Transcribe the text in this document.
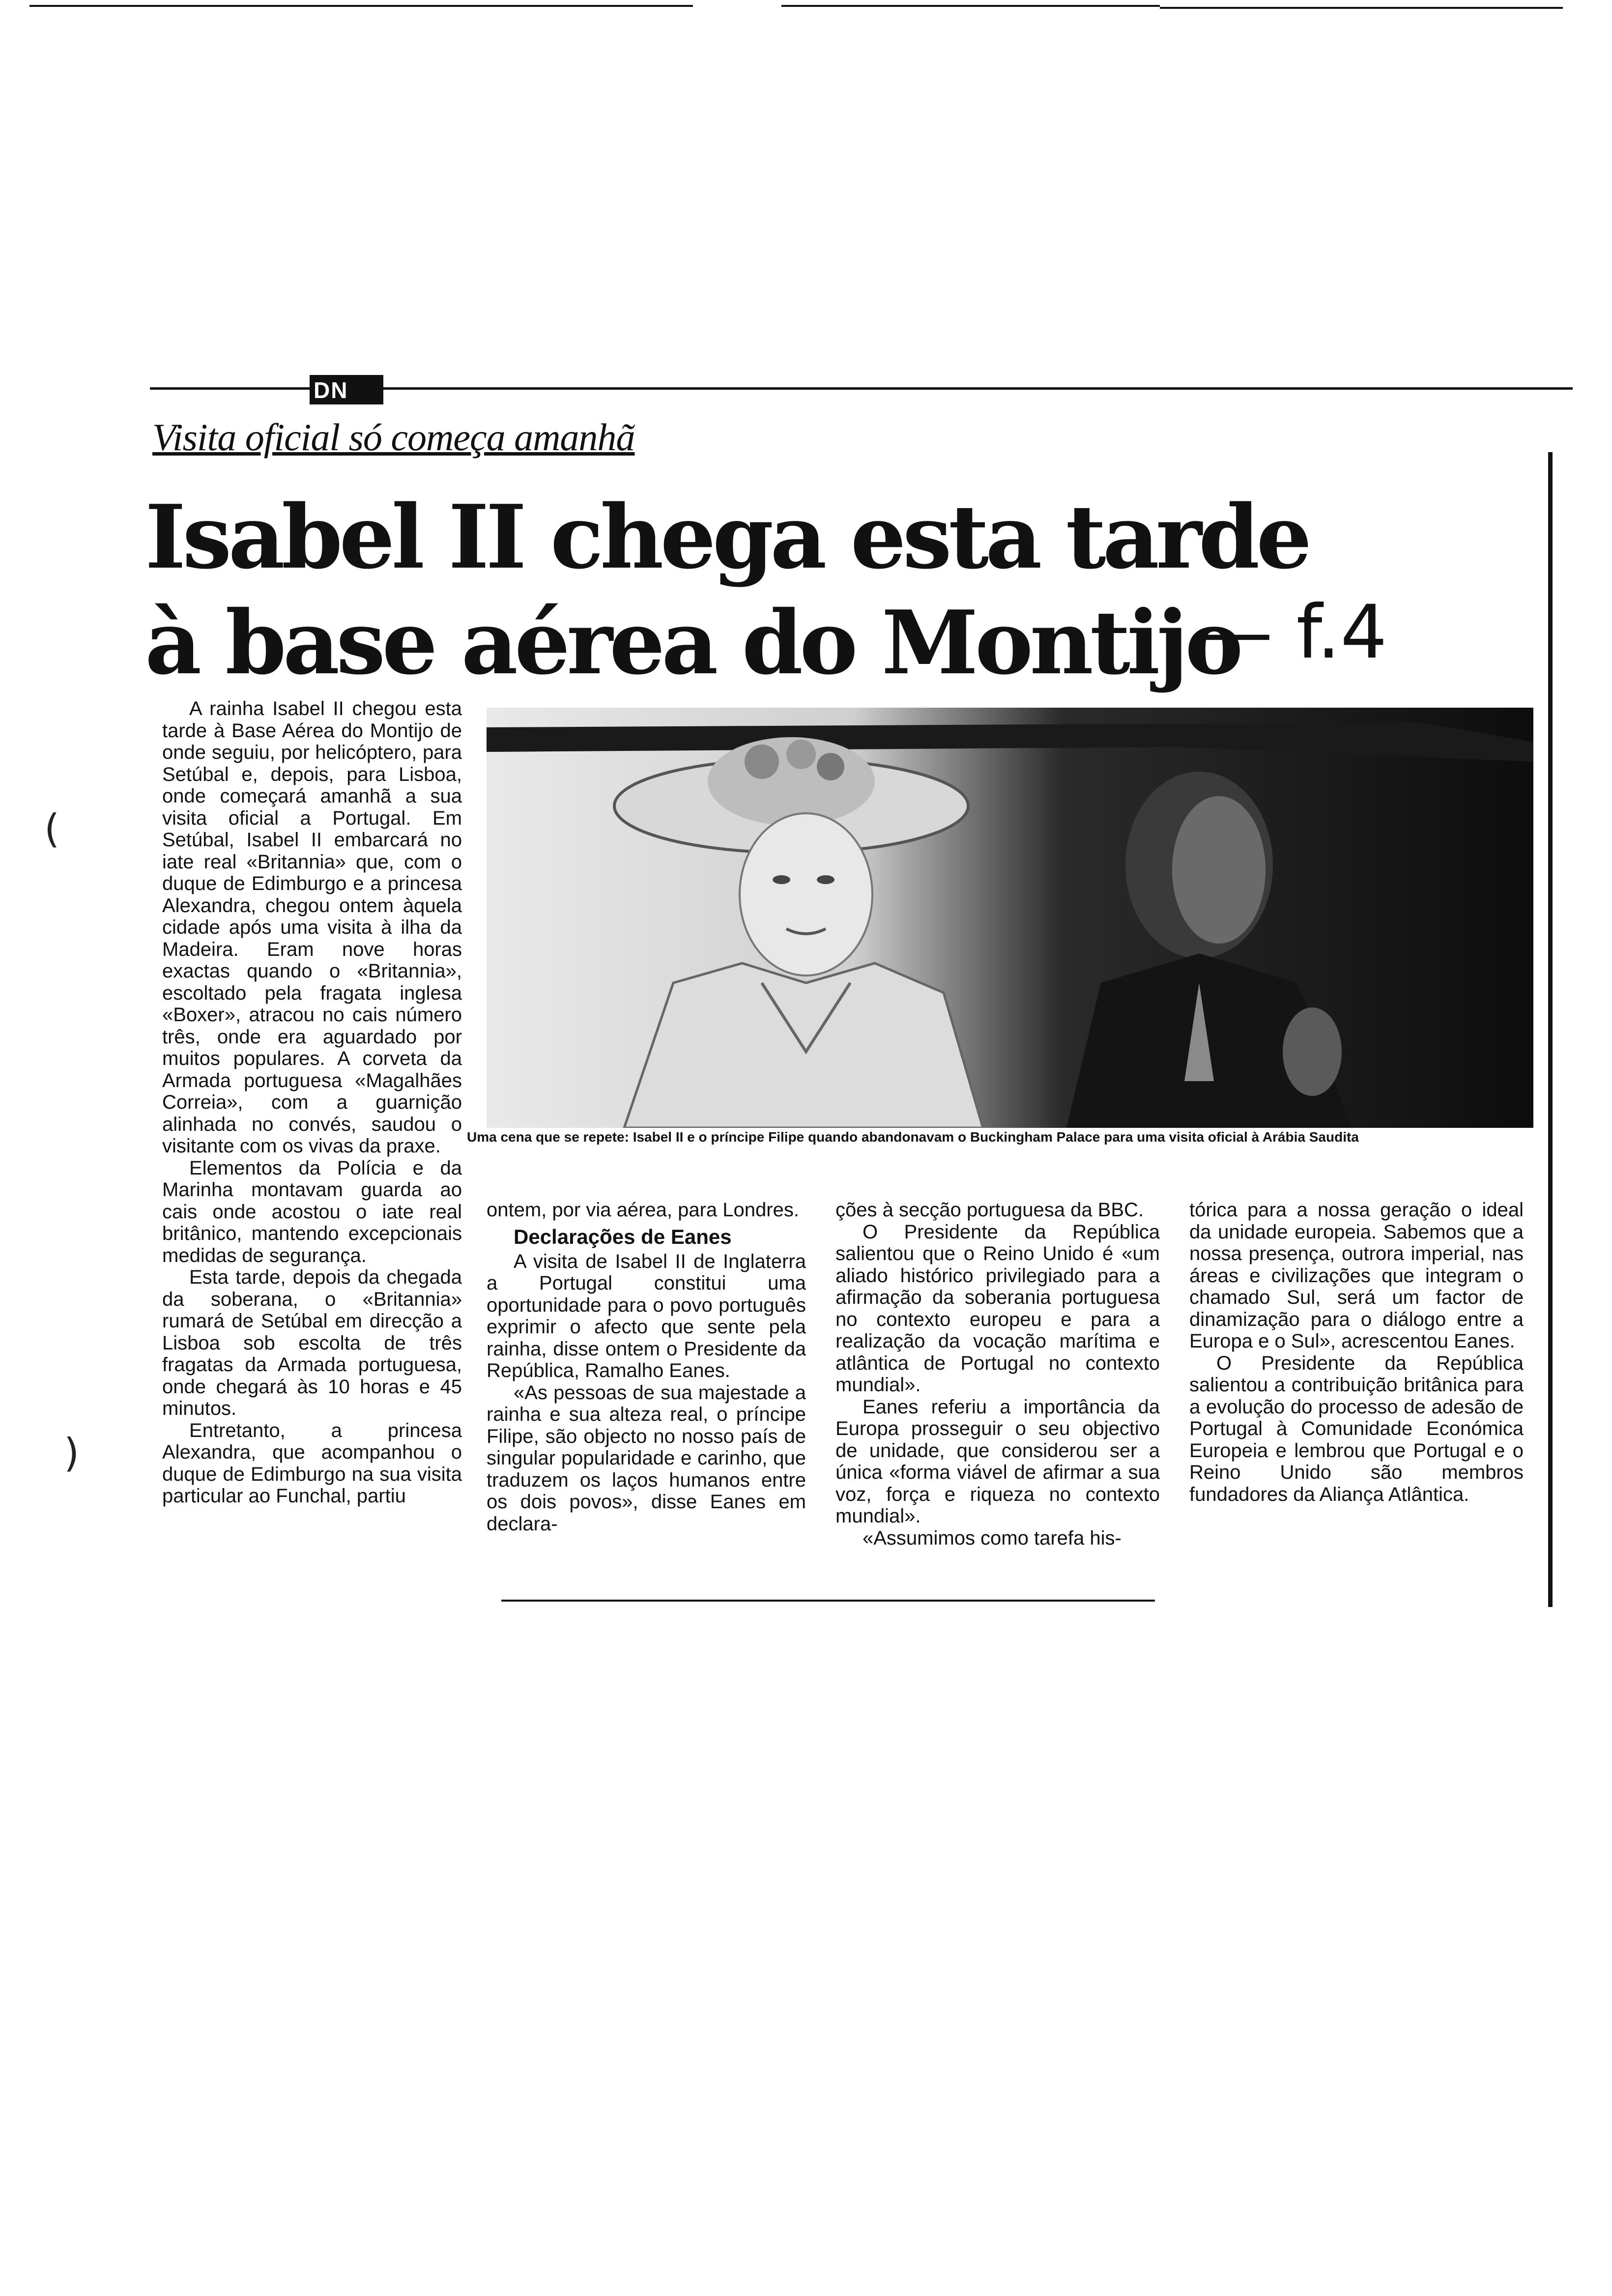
DN
Visita oficial só começa amanhã
Isabel II chega esta tarde
à base aérea do Montijo
— f.4
Uma cena que se repete: Isabel II e o príncipe Filipe quando abandonavam o Buckingham Palace para uma visita oficial à Arábia Saudita

A rainha Isabel II chegou esta tarde à Base Aérea do Montijo de onde seguiu, por helicóptero, para Setúbal e, depois, para Lisboa, onde começará amanhã a sua visita oficial a Portugal. Em Setúbal, Isabel II embarcará no iate real «Britannia» que, com o duque de Edimburgo e a princesa Alexandra, chegou ontem àquela cidade após uma visita à ilha da Madeira. Eram nove horas exactas quando o «Britannia», escoltado pela fragata inglesa «Boxer», atracou no cais número três, onde era aguardado por muitos populares. A corveta da Armada portuguesa «Magalhães Correia», com a guarnição alinhada no convés, saudou o visitante com os vivas da praxe.

Elementos da Polícia e da Marinha montavam guarda ao cais onde acostou o iate real britânico, mantendo excepcionais medidas de segurança.

Esta tarde, depois da chegada da soberana, o «Britannia» rumará de Setúbal em direcção a Lisboa sob escolta de três fragatas da Armada portuguesa, onde chegará às 10 horas e 45 minutos.

Entretanto, a princesa Alexandra, que acompanhou o duque de Edimburgo na sua visita particular ao Funchal, partiu

ontem, por via aérea, para Londres.

Declarações de Eanes

A visita de Isabel II de Inglaterra a Portugal constitui uma oportunidade para o povo português exprimir o afecto que sente pela rainha, disse ontem o Presidente da República, Ramalho Eanes.

«As pessoas de sua majestade a rainha e sua alteza real, o príncipe Filipe, são objecto no nosso país de singular popularidade e carinho, que traduzem os laços humanos entre os dois povos», disse Eanes em declara-

ções à secção portuguesa da BBC.

O Presidente da República salientou que o Reino Unido é «um aliado histórico privilegiado para a afirmação da soberania portuguesa no contexto europeu e para a realização da vocação marítima e atlântica de Portugal no contexto mundial».

Eanes referiu a importância da Europa prosseguir o seu objectivo de unidade, que considerou ser a única «forma viável de afirmar a sua voz, força e riqueza no contexto mundial».

«Assumimos como tarefa his-

tórica para a nossa geração o ideal da unidade europeia. Sabemos que a nossa presença, outrora imperial, nas áreas e civilizações que integram o chamado Sul, será um factor de dinamização para o diálogo entre a Europa e o Sul», acrescentou Eanes.

O Presidente da República salientou a contribuição britânica para a evolução do processo de adesão de Portugal à Comunidade Económica Europeia e lembrou que Portugal e o Reino Unido são membros fundadores da Aliança Atlântica.

(
)
